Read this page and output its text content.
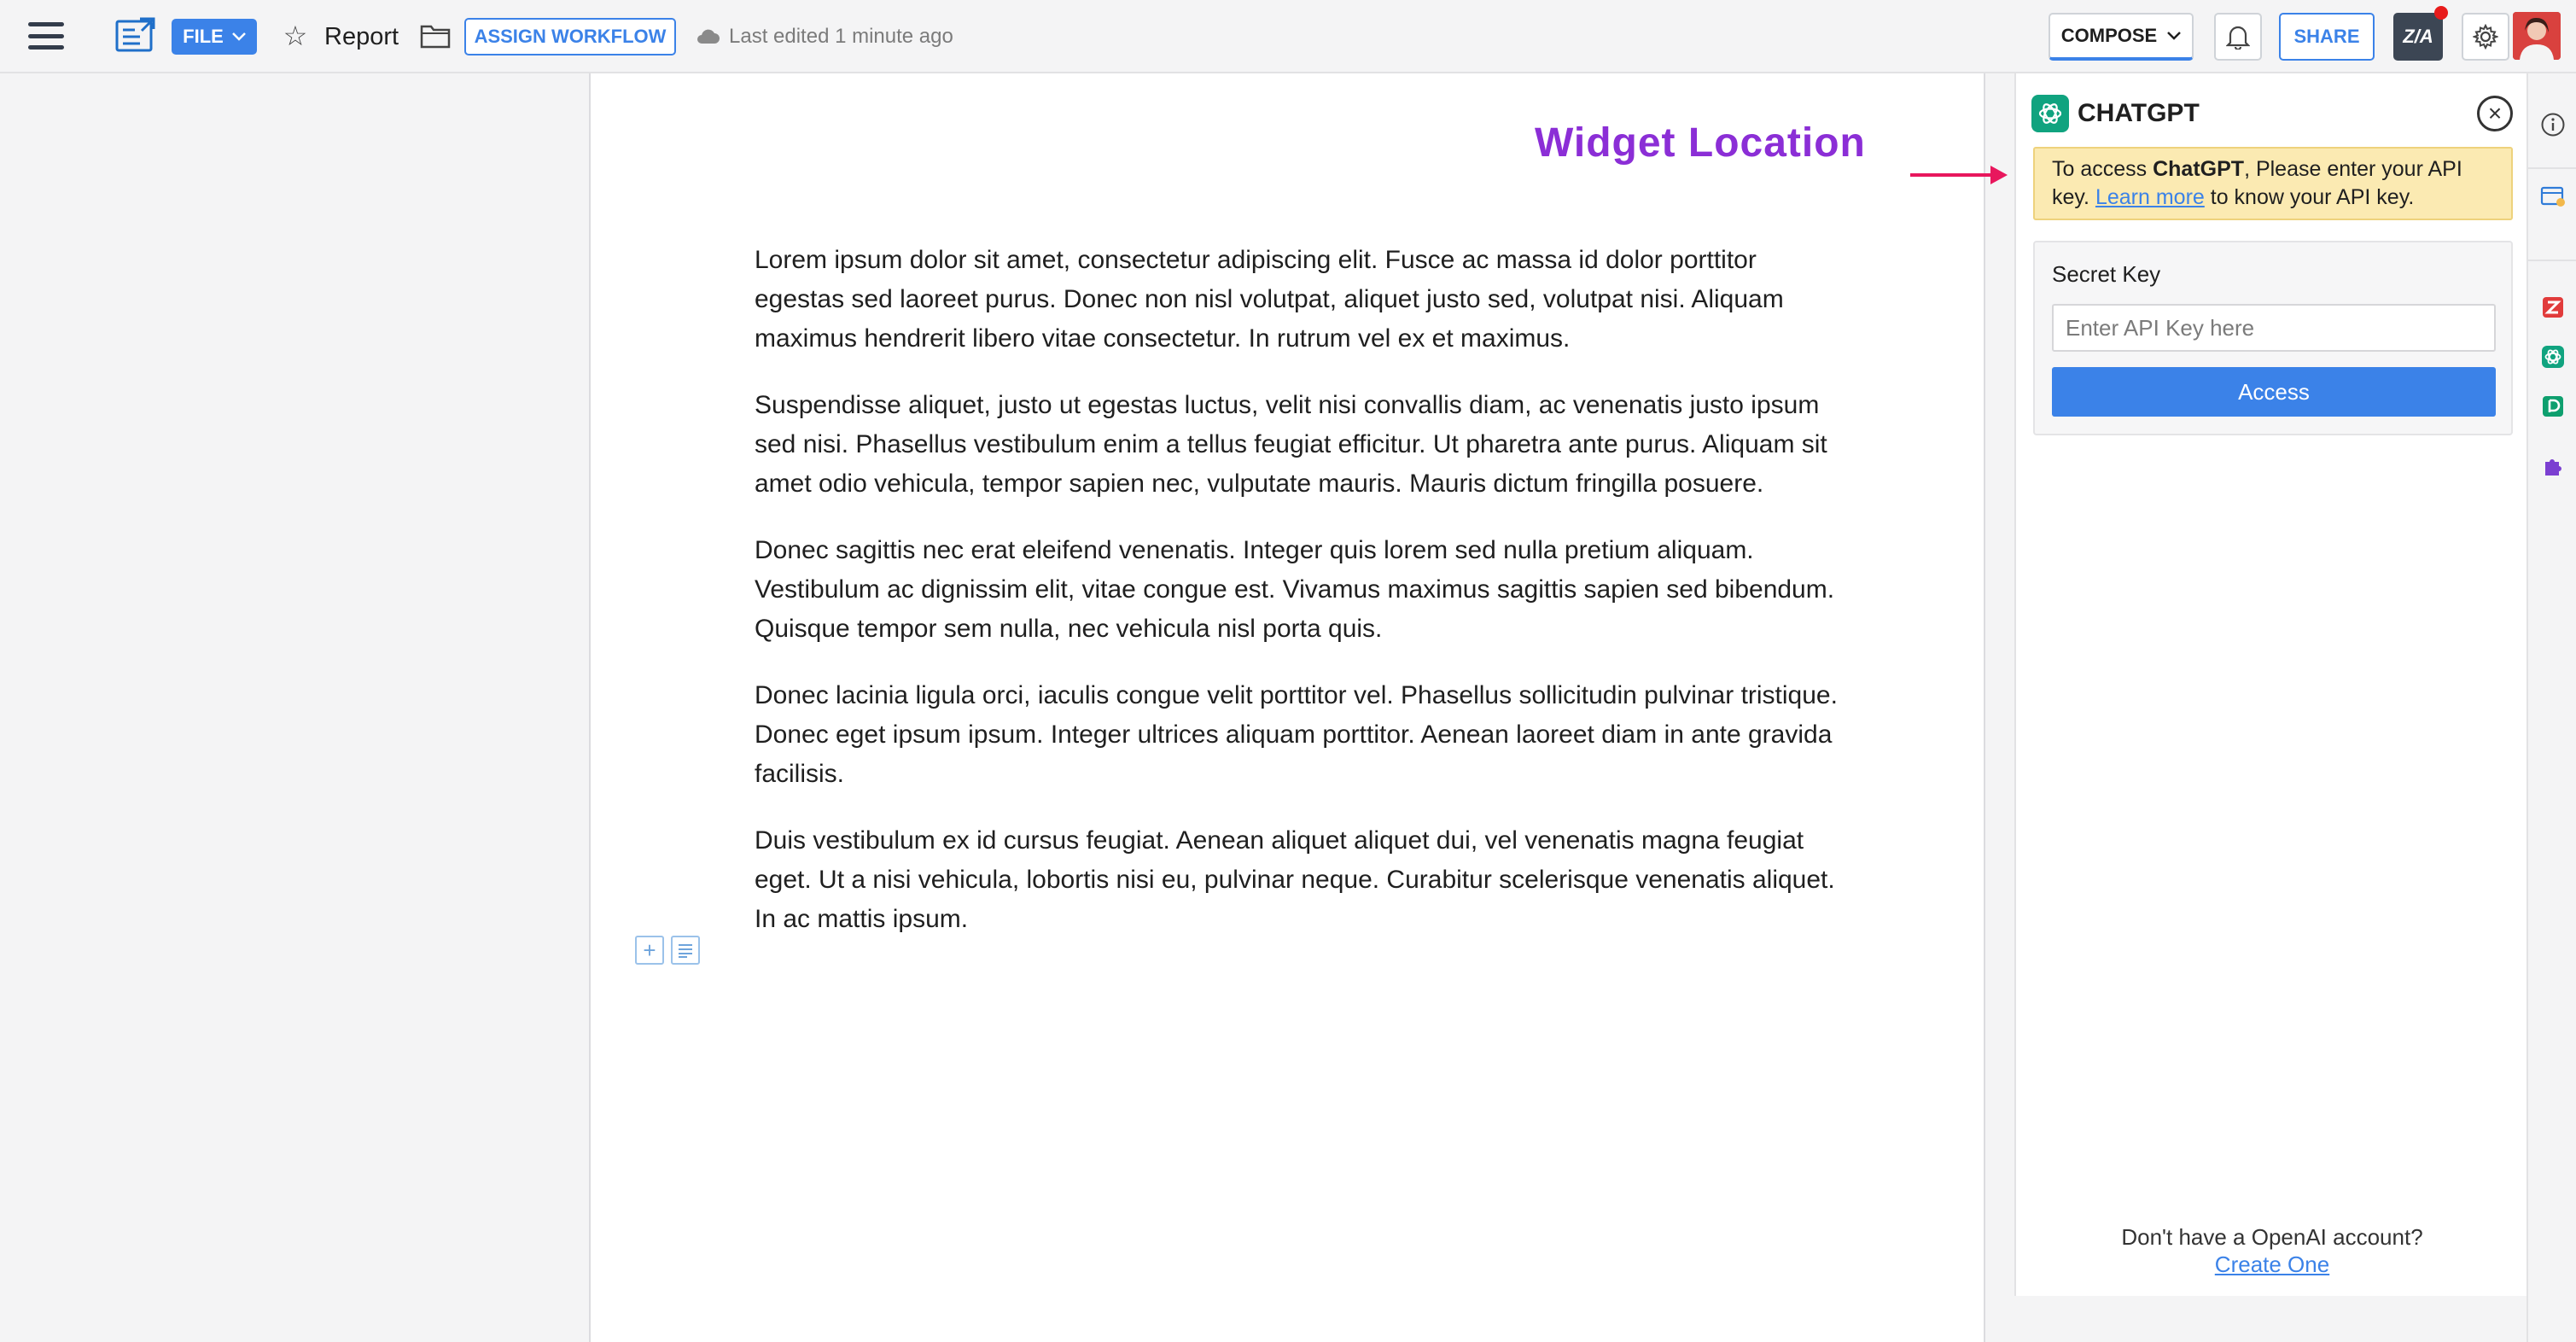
FILE ☆ Report	ASSIGN WORKFLOW	Last edited 1 minute ago	COMPOSE	SHARE	Z/A

Lorem ipsum dolor sit amet, consectetur adipiscing elit. Fusce ac massa id dolor porttitor egestas sed laoreet purus. Donec non nisl volutpat, aliquet justo sed, volutpat nisi. Aliquam maximus hendrerit libero vitae consectetur. In rutrum vel ex et maximus.

Suspendisse aliquet, justo ut egestas luctus, velit nisi convallis diam, ac venenatis justo ipsum sed nisi. Phasellus vestibulum enim a tellus feugiat efficitur. Ut pharetra ante purus. Aliquam sit amet odio vehicula, tempor sapien nec, vulputate mauris. Mauris dictum fringilla posuere.

Donec sagittis nec erat eleifend venenatis. Integer quis lorem sed nulla pretium aliquam. Vestibulum ac dignissim elit, vitae congue est. Vivamus maximus sagittis sapien sed bibendum. Quisque tempor sem nulla, nec vehicula nisl porta quis.

Donec lacinia ligula orci, iaculis congue velit porttitor vel. Phasellus sollicitudin pulvinar tristique. Donec eget ipsum ipsum. Integer ultrices aliquam porttitor. Aenean laoreet diam in ante gravida facilisis.

Duis vestibulum ex id cursus feugiat. Aenean aliquet aliquet dui, vel venenatis magna feugiat eget. Ut a nisi vehicula, lobortis nisi eu, pulvinar neque. Curabitur scelerisque venenatis aliquet. In ac mattis ipsum.

+
Widget Location
CHATGPT	×
To access ChatGPT, Please enter your API key. Learn more to know your API key.
Secret Key
Enter API Key here
Access
Don't have a OpenAI account?
Create One
